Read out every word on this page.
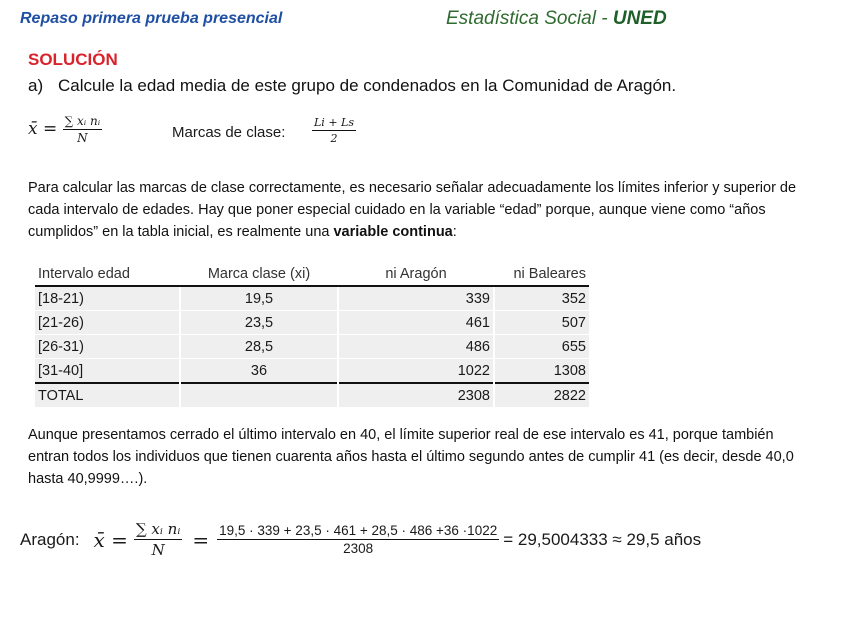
Repaso primera prueba presencial	Estadística Social - UNED
SOLUCIÓN
a) Calcule la edad media de este grupo de condenados en la Comunidad de Aragón.
x̄ = $\frac{\text{∑ xᵢ nᵢ}}{N}$	Marcas de clase: $\frac{Li + Ls}{2}$
Para calcular las marcas de clase correctamente, es necesario señalar adecuadamente los límites inferior y superior de cada intervalo de edades. Hay que poner especial cuidado en la variable “edad” porque, aunque viene como “años cumplidos” en la tabla inicial, es realmente una variable continua:
Intervalo edad	Marca clase (xi)	ni Aragón	ni Baleares
[18-21)	19,5	339	352
[21-26)	23,5	461	507
[26-31)	28,5	486	655
[31-40]	36	1022	1308
TOTAL		2308	2822
Aunque presentamos cerrado el último intervalo en 40, el límite superior real de ese intervalo es 41, porque también entran todos los individuos que tienen cuarenta años hasta el último segundo antes de cumplir 41 (es decir, desde 40,0 hasta 40,9999….).
Aragón: x̄ = $\frac{\text{∑ xᵢ nᵢ}}{N} = \frac{19,5 \cdot 339 + 23,5 \cdot 461 + 28,5 \cdot 486 +36 \cdot 1022}{2308} = 29,5004333 \approx 29,5$ años
